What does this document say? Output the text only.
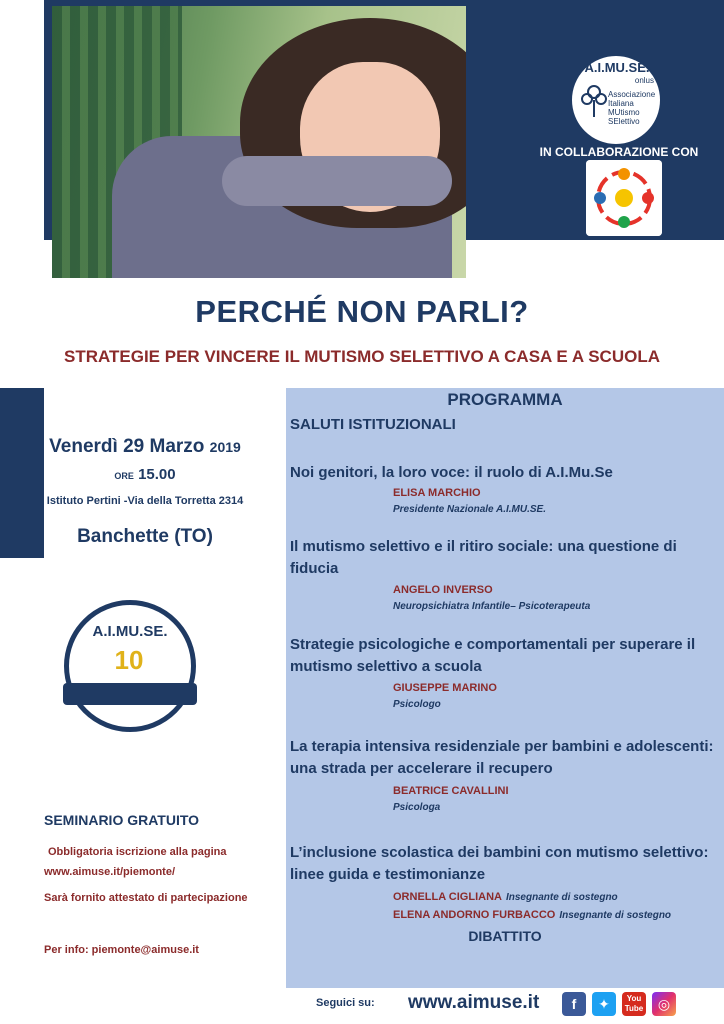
A.I.MU.SE.
onlus
Associazione
Italiana
MUtismo
SElettivo
IN COLLABORAZIONE CON
PERCHÉ NON PARLI?
STRATEGIE PER VINCERE IL MUTISMO SELETTIVO A CASA E A SCUOLA
Venerdì 29 Marzo 2019
ORE 15.00
Istituto Pertini -Via della Torretta 2314
Banchette (TO)
A.I.MU.SE.
10
SEMINARIO GRATUITO
Obbligatoria iscrizione alla pagina
www.aimuse.it/piemonte/
Sarà fornito attestato di partecipazione
Per info: piemonte@aimuse.it
PROGRAMMA
SALUTI ISTITUZIONALI
Noi genitori, la loro voce: il ruolo di A.I.Mu.Se
ELISA MARCHIO
Presidente Nazionale A.I.MU.SE.
Il mutismo selettivo e il ritiro sociale: una questione di fiducia
ANGELO INVERSO
Neuropsichiatra Infantile– Psicoterapeuta
Strategie psicologiche e comportamentali per superare il mutismo selettivo a scuola
GIUSEPPE MARINO
Psicologo
La terapia intensiva residenziale per bambini e adolescenti: una strada per accelerare il recupero
BEATRICE CAVALLINI
Psicologa
L’inclusione scolastica dei bambini con mutismo selettivo: linee guida e testimonianze
ORNELLA CIGLIANA Insegnante di sostegno
ELENA ANDORNO FURBACCO Insegnante di sostegno
DIBATTITO
Seguici su: www.aimuse.it	f	✦	You Tube	◎
